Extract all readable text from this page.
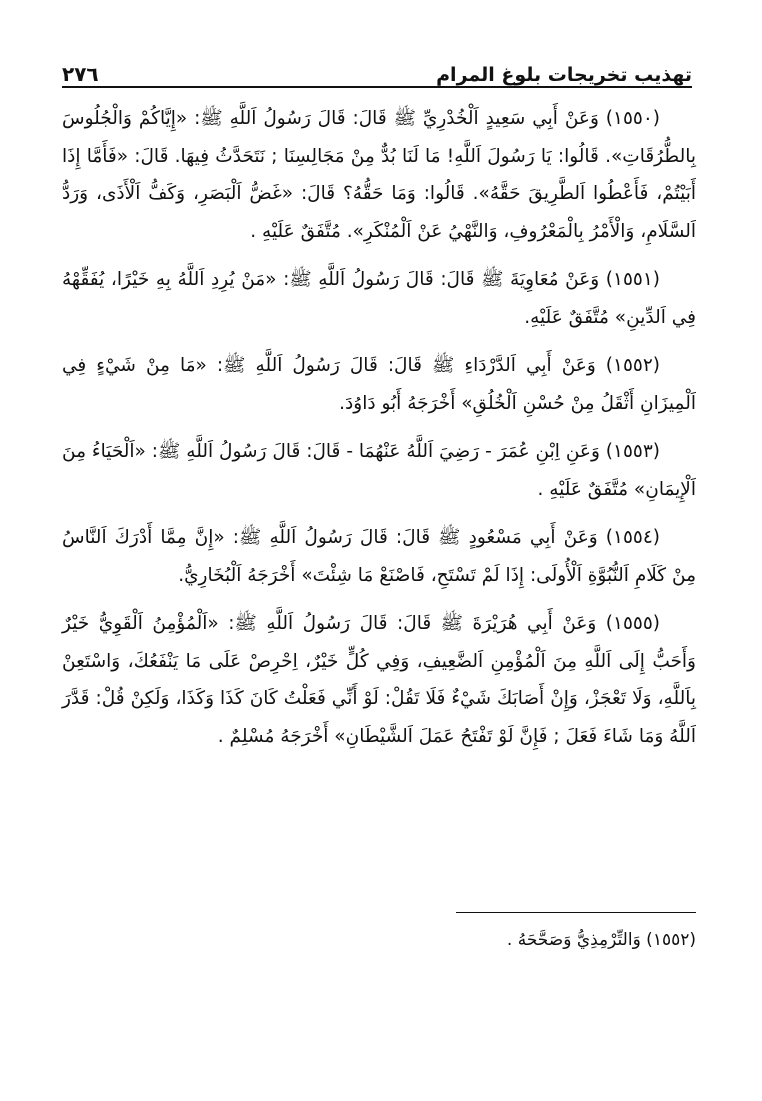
تهذيب تخريجات بلوغ المرام
٢٧٦

(١٥٥٠) وَعَنْ أَبِي سَعِيدٍ اَلْخُدْرِيِّ ﷺ قَالَ: قَالَ رَسُولُ اَللَّهِ ﷺ: «إِيَّاكُمْ وَالْجُلُوسَ بِالطُّرُقَاتِ». قَالُوا: يَا رَسُولَ اَللَّهِ! مَا لَنَا بُدٌّ مِنْ مَجَالِسِنَا ; نَتَحَدَّثُ فِيهَا. قَالَ: «فَأَمَّا إِذَا أَبَيْتُمْ، فَأَعْطُوا اَلطَّرِيقَ حَقَّهُ». قَالُوا: وَمَا حَقُّهُ؟ قَالَ: «غَضُّ اَلْبَصَرِ، وَكَفُّ اَلْأَذَى، وَرَدُّ اَلسَّلَامِ، وَالْأَمْرُ بِالْمَعْرُوفِ، وَالنَّهْيُ عَنْ اَلْمُنْكَرِ». مُتَّفَقٌ عَلَيْهِ .

(١٥٥١) وَعَنْ مُعَاوِيَةَ ﷺ قَالَ: قَالَ رَسُولُ اَللَّهِ ﷺ: «مَنْ يُرِدِ اَللَّهُ بِهِ خَيْرًا، يُفَقِّهْهُ فِي اَلدِّينِ» مُتَّفَقٌ عَلَيْهِ.

(١٥٥٢) وَعَنْ أَبِي اَلدَّرْدَاءِ ﷺ قَالَ: قَالَ رَسُولُ اَللَّهِ ﷺ: «مَا مِنْ شَيْءٍ فِي اَلْمِيزَانِ أَثْقَلُ مِنْ حُسْنِ اَلْخُلُقِ» أَخْرَجَهُ أَبُو دَاوُدَ.

(١٥٥٣) وَعَنِ اِبْنِ عُمَرَ - رَضِيَ اَللَّهُ عَنْهُمَا - قَالَ: قَالَ رَسُولُ اَللَّهِ ﷺ: «اَلْحَيَاءُ مِنَ اَلْإِيمَانِ» مُتَّفَقٌ عَلَيْهِ .

(١٥٥٤) وَعَنْ أَبِي مَسْعُودٍ ﷺ قَالَ: قَالَ رَسُولُ اَللَّهِ ﷺ: «إِنَّ مِمَّا أَدْرَكَ اَلنَّاسُ مِنْ كَلَامِ اَلنُّبُوَّةِ اَلْأُولَى: إِذَا لَمْ تَسْتَحِ، فَاصْنَعْ مَا شِئْتَ» أَخْرَجَهُ اَلْبُخَارِيُّ.

(١٥٥٥) وَعَنْ أَبِي هُرَيْرَةَ ﷺ قَالَ: قَالَ رَسُولُ اَللَّهِ ﷺ: «اَلْمُؤْمِنُ اَلْقَوِيُّ خَيْرٌ وَأَحَبُّ إِلَى اَللَّهِ مِنَ اَلْمُؤْمِنِ اَلضَّعِيفِ، وَفِي كُلٍّ خَيْرٌ، اِحْرِصْ عَلَى مَا يَنْفَعُكَ، وَاسْتَعِنْ بِاَللَّهِ، وَلَا تَعْجَزْ، وَإِنْ أَصَابَكَ شَيْءٌ فَلَا تَقُلْ: لَوْ أَنِّي فَعَلْتُ كَانَ كَذَا وَكَذَا، وَلَكِنْ قُلْ: قَدَّرَ اَللَّهُ وَمَا شَاءَ فَعَلَ ; فَإِنَّ لَوْ تَفْتَحُ عَمَلَ اَلشَّيْطَانِ» أَخْرَجَهُ مُسْلِمٌ .

(١٥٥٢) وَالتِّرْمِذِيُّ وَصَحَّحَهُ .
